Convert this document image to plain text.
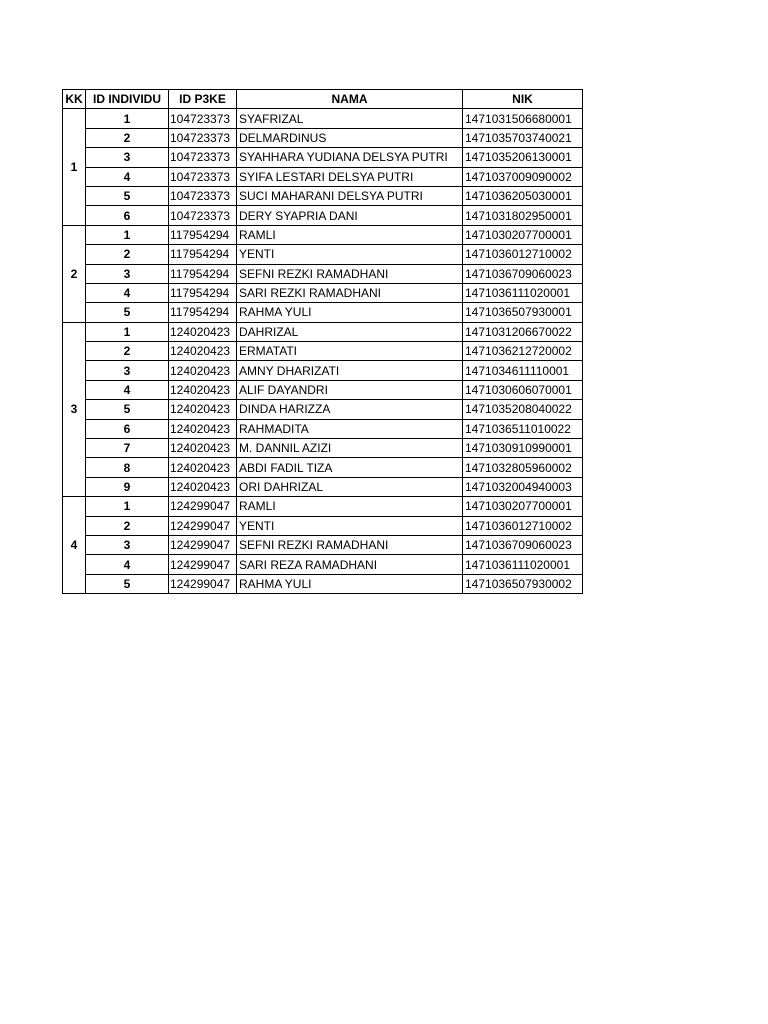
KK	ID INDIVIDU	ID P3KE	NAMA	NIK
1	1	104723373	SYAFRIZAL	1471031506680001
	2	104723373	DELMARDINUS	1471035703740021
	3	104723373	SYAHHARA YUDIANA DELSYA PUTRI	1471035206130001
	4	104723373	SYIFA LESTARI DELSYA PUTRI	1471037009090002
	5	104723373	SUCI MAHARANI DELSYA PUTRI	1471036205030001
	6	104723373	DERY SYAPRIA DANI	1471031802950001
2	1	117954294	RAMLI	1471030207700001
	2	117954294	YENTI	1471036012710002
	3	117954294	SEFNI REZKI RAMADHANI	1471036709060023
	4	117954294	SARI REZKI RAMADHANI	1471036111020001
	5	117954294	RAHMA YULI	1471036507930001
3	1	124020423	DAHRIZAL	1471031206670022
	2	124020423	ERMATATI	1471036212720002
	3	124020423	AMNY DHARIZATI	1471034611110001
	4	124020423	ALIF DAYANDRI	1471030606070001
	5	124020423	DINDA HARIZZA	1471035208040022
	6	124020423	RAHMADITA	1471036511010022
	7	124020423	M. DANNIL AZIZI	1471030910990001
	8	124020423	ABDI FADIL TIZA	1471032805960002
	9	124020423	ORI DAHRIZAL	1471032004940003
4	1	124299047	RAMLI	1471030207700001
	2	124299047	YENTI	1471036012710002
	3	124299047	SEFNI REZKI RAMADHANI	1471036709060023
	4	124299047	SARI REZA RAMADHANI	1471036111020001
	5	124299047	RAHMA YULI	1471036507930002
